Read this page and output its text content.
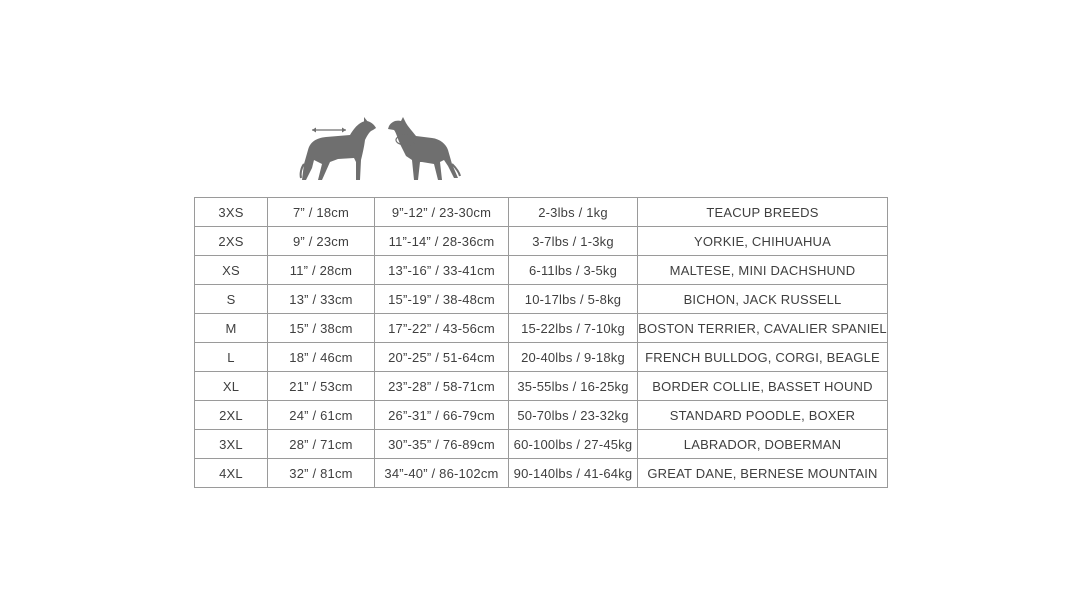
3XS	7” / 18cm	9”-12” / 23-30cm	2-3lbs / 1kg	TEACUP BREEDS
2XS	9” / 23cm	11”-14” / 28-36cm	3-7lbs / 1-3kg	YORKIE, CHIHUAHUA
XS	11” / 28cm	13”-16” / 33-41cm	6-11lbs / 3-5kg	MALTESE, MINI DACHSHUND
S	13” / 33cm	15”-19” / 38-48cm	10-17lbs / 5-8kg	BICHON, JACK RUSSELL
M	15” / 38cm	17”-22” / 43-56cm	15-22lbs / 7-10kg	BOSTON TERRIER, CAVALIER SPANIEL
L	18” / 46cm	20”-25” / 51-64cm	20-40lbs / 9-18kg	FRENCH BULLDOG, CORGI, BEAGLE
XL	21” / 53cm	23”-28” / 58-71cm	35-55lbs / 16-25kg	BORDER COLLIE, BASSET HOUND
2XL	24” / 61cm	26”-31” / 66-79cm	50-70lbs / 23-32kg	STANDARD POODLE, BOXER
3XL	28” / 71cm	30”-35” / 76-89cm	60-100lbs / 27-45kg	LABRADOR, DOBERMAN
4XL	32” / 81cm	34”-40” / 86-102cm	90-140lbs / 41-64kg	GREAT DANE, BERNESE MOUNTAIN
